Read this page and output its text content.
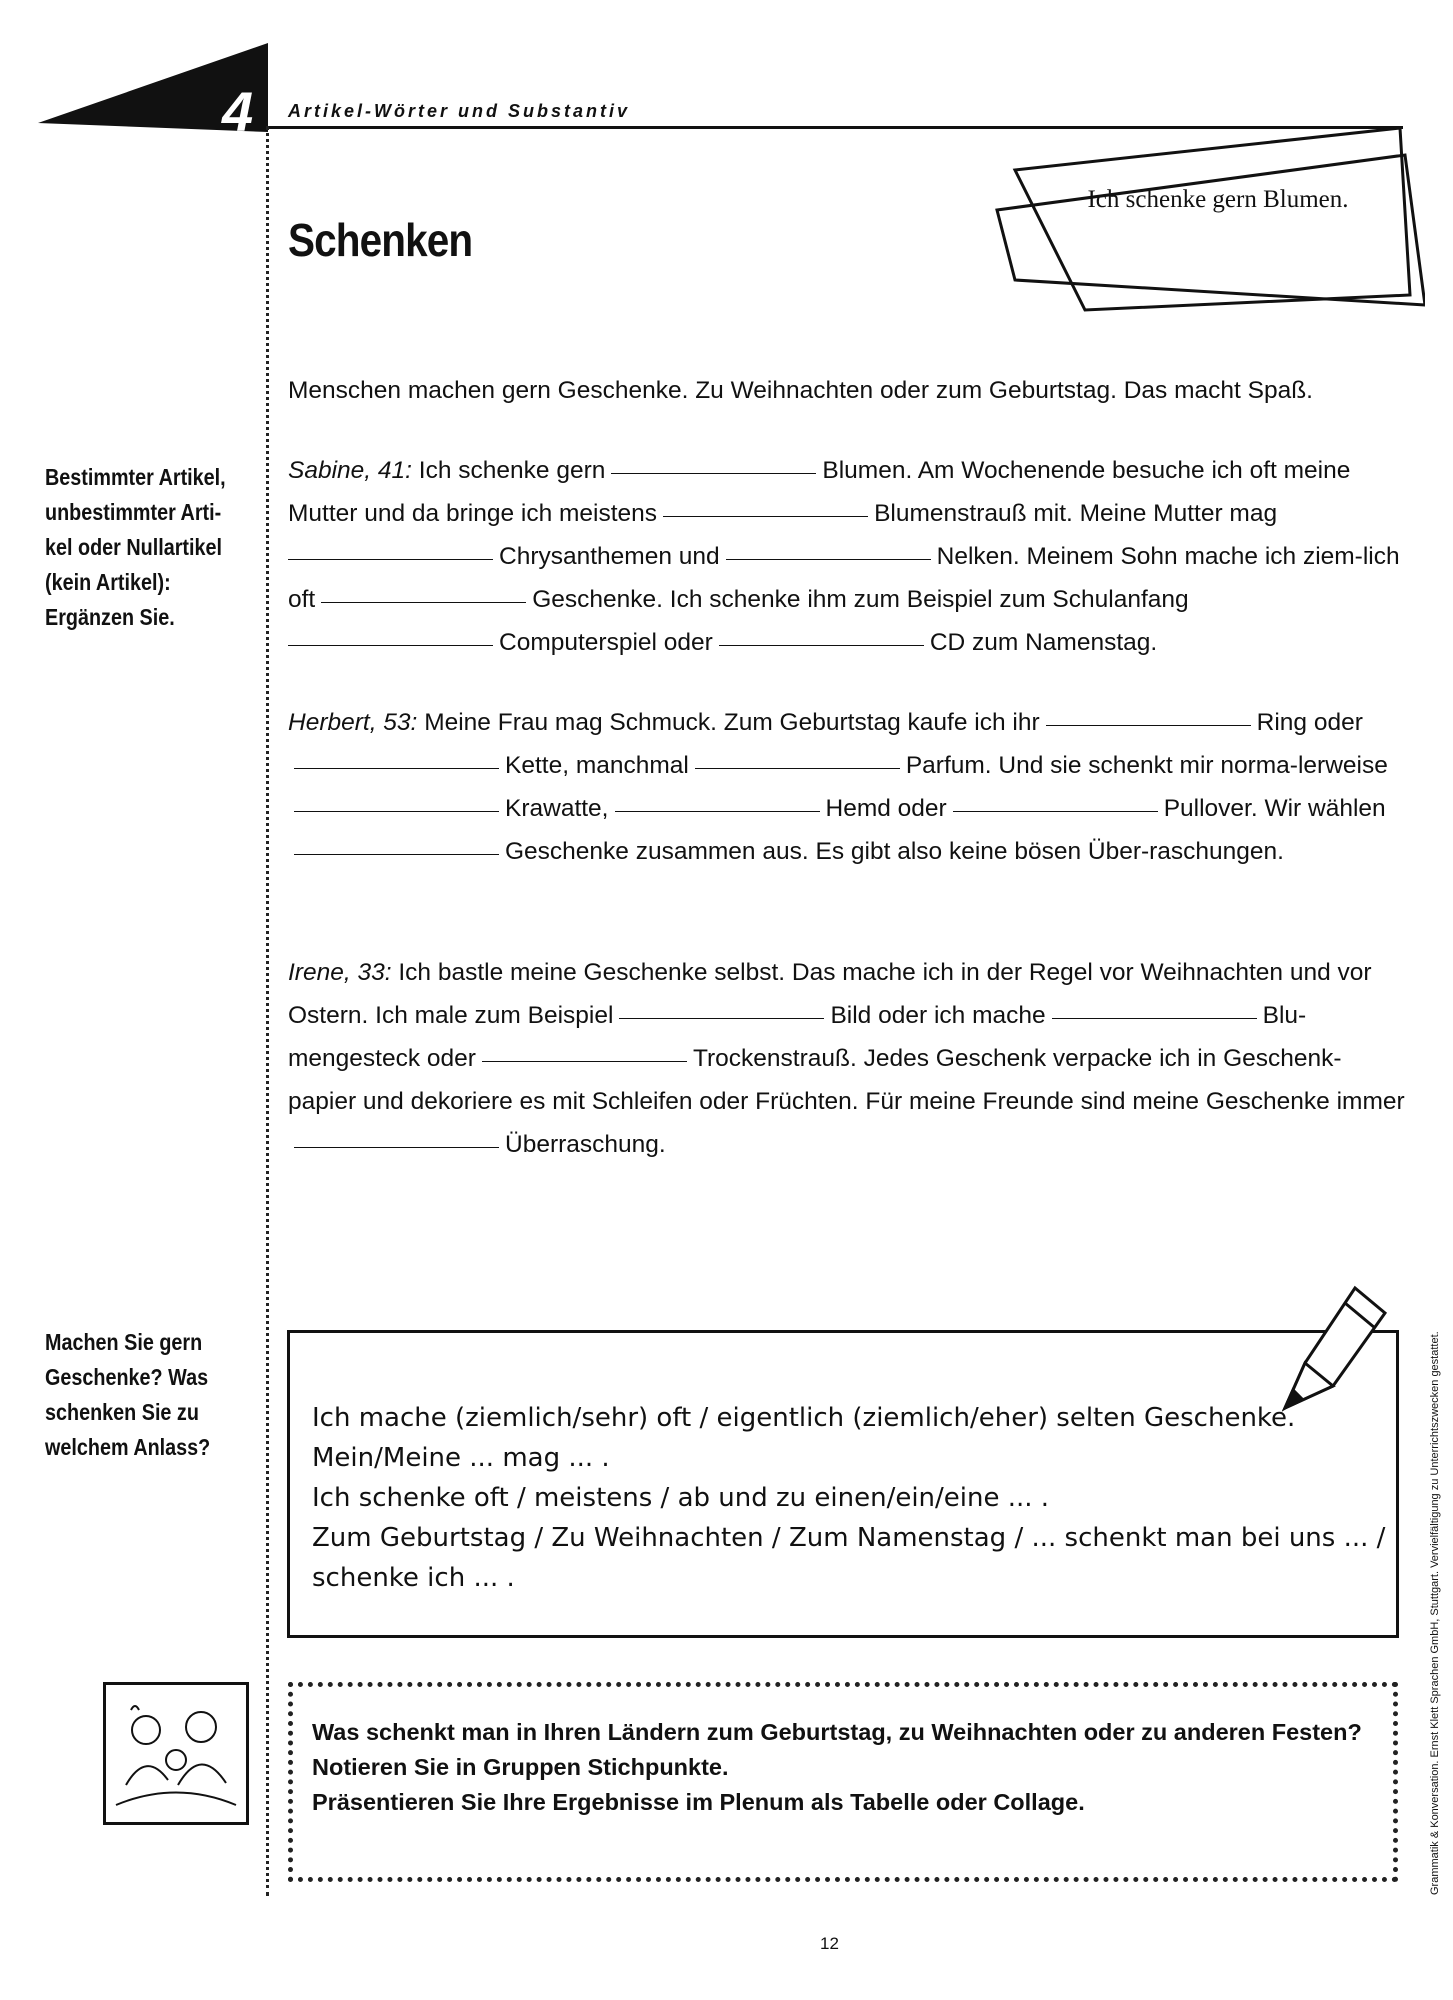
4 Artikel-Wörter und Substantiv
Schenken
Ich schenke gern Blumen.
Menschen machen gern Geschenke. Zu Weihnachten oder zum Geburtstag. Das macht Spaß.
Bestimmter Artikel, unbestimmter Arti-kel oder Nullartikel (kein Artikel): Ergänzen Sie.
Sabine, 41: Ich schenke gern	Blumen. Am Wochenende besuche ich oft meine Mutter und da bringe ich meistens	Blumenstrauß mit. Meine Mutter mag
Chrysanthemen und	Nelken. Meinem Sohn mache ich ziem-lich oft	Geschenke. Ich schenke ihm zum Beispiel zum Schulanfang
Computerspiel oder	CD zum Namenstag.
Herbert, 53: Meine Frau mag Schmuck. Zum Geburtstag kaufe ich ihr	Ring oderKette, manchmal	Parfum. Und sie schenkt mir norma-lerweiseKrawatte,	Hemd oder	Pullover. Wir wählenGeschenke zusammen aus. Es gibt also keine bösen Über-raschungen.
Irene, 33: Ich bastle meine Geschenke selbst. Das mache ich in der Regel vor Weihnachten und vor Ostern. Ich male zum Beispiel	Bild oder ich mache	Blu-mengesteck oder	Trockenstrauß. Jedes Geschenk verpacke ich in Geschenk-papier und dekoriere es mit Schleifen oder Früchten. Für meine Freunde sind meine Geschenke immerÜberraschung.
Machen Sie gern Geschenke? Was schenken Sie zu welchem Anlass?
Ich mache (ziemlich/sehr) oft / eigentlich (ziemlich/eher) selten Geschenke.
Mein/Meine ... mag ... .
Ich schenke oft / meistens / ab und zu einen/ein/eine ... .
Zum Geburtstag / Zu Weihnachten / Zum Namenstag / ... schenkt man bei uns ... / schenke ich ... .
Was schenkt man in Ihren Ländern zum Geburtstag, zu Weihnachten oder zu anderen Festen?
Notieren Sie in Gruppen Stichpunkte.
Präsentieren Sie Ihre Ergebnisse im Plenum als Tabelle oder Collage.
12
Grammatik & Konversation. Ernst Klett Sprachen GmbH, Stuttgart. Vervielfältigung zu Unterrichtszwecken gestattet.
